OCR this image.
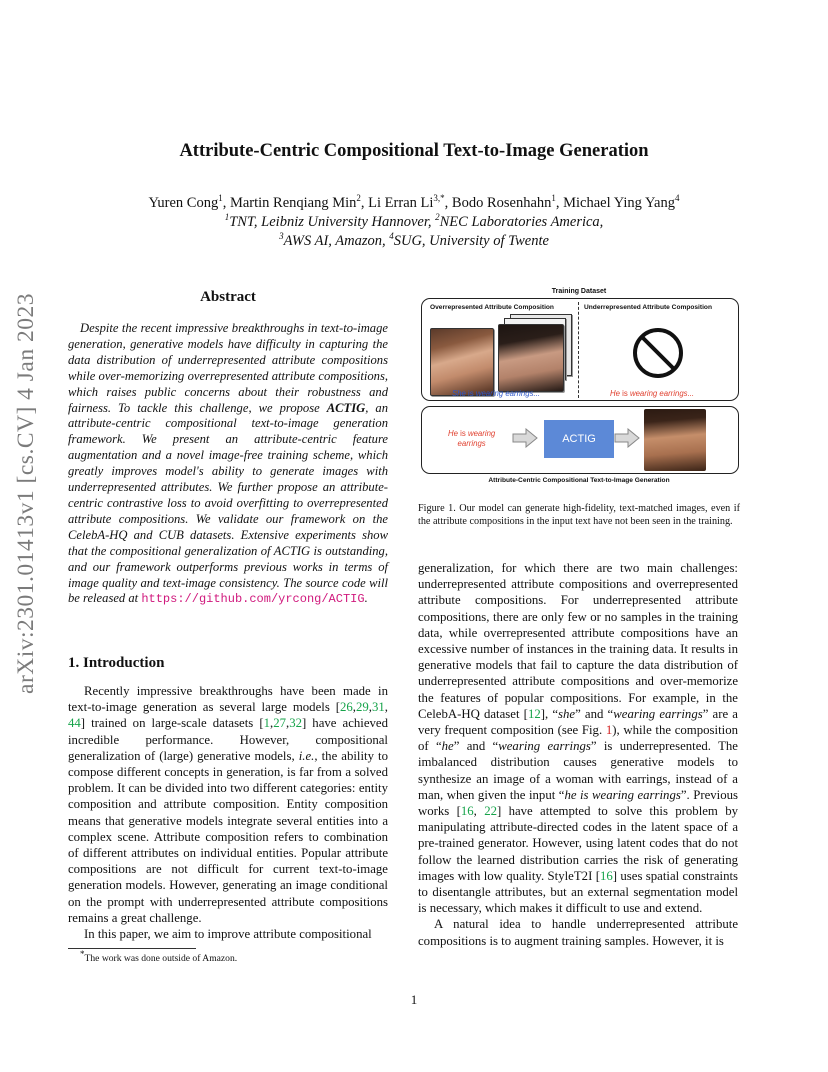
arXiv:2301.01413v1 [cs.CV] 4 Jan 2023
Attribute-Centric Compositional Text-to-Image Generation
Yuren Cong$^1$, Martin Renqiang Min$^2$, Li Erran $Li^{3,*}$, Bodo Rosenhahn$^1$, Michael Ying Yang$^4$
$^1$TNT, Leibniz University Hannover, $^2$NEC Laboratories America,
$^3$AWS AI, Amazon, $^4$SUG, University of Twente
Abstract
Despite the recent impressive breakthroughs in text-to-image generation, generative models have difficulty in capturing the data distribution of underrepresented attribute compositions while over-memorizing overrepresented attribute compositions, which raises public concerns about their robustness and fairness. To tackle this challenge, we propose ACTIG, an attribute-centric compositional text-to-image generation framework. We present an attribute-centric feature augmentation and a novel image-free training scheme, which greatly improves model's ability to generate images with underrepresented attributes. We further propose an attribute-centric contrastive loss to avoid overfitting to overrepresented attribute compositions. We validate our framework on the CelebA-HQ and CUB datasets. Extensive experiments show that the compositional generalization of ACTIG is outstanding, and our framework outperforms previous works in terms of image quality and text-image consistency. The source code will be released at https://github.com/yrcong/ACTIG.
1. Introduction

Recently impressive breakthroughs have been made in text-to-image generation as several large models [26,29,31, 44] trained on large-scale datasets [1,27,32] have achieved incredible performance. However, compositional generalization of (large) generative models, i.e., the ability to compose different concepts in generation, is far from a solved problem. It can be divided into two different categories: entity composition and attribute composition. Entity composition means that generative models integrate several entities into a complex scene. Attribute composition refers to combination of different attributes on individual entities. Popular attribute compositions are not difficult for current text-to-image generation models. However, generating an image conditional on the prompt with underrepresented attribute compositions remains a great challenge.

In this paper, we aim to improve attribute compositional

Training Dataset
Overrepresented Attribute Composition	Underrepresented Attribute Composition
She is wearing earrings...	He is wearing earrings...
He is wearing
earrings	ACTIG
Attribute-Centric Compositional Text-to-Image Generation
Figure 1. Our model can generate high-fidelity, text-matched images, even if the attribute compositions in the input text have not been seen in the training.

generalization, for which there are two main challenges: underrepresented attribute compositions and overrepresented attribute compositions. For underrepresented attribute compositions, there are only few or no samples in the training data, while overrepresented attribute compositions have an excessive number of instances in the training data. It results in generative models that fail to capture the data distribution of underrepresented attribute compositions and over-memorize the features of popular compositions. For example, in the CelebA-HQ dataset [12], “she” and “wearing earrings” are a very frequent composition (see Fig. 1), while the composition of “he” and “wearing earrings” is underrepresented. The imbalanced distribution causes generative models to synthesize an image of a woman with earrings, instead of a man, when given the input “he is wearing earrings”. Previous works [16, 22] have attempted to solve this problem by manipulating attribute-directed codes in the latent space of a pre-trained generator. However, using latent codes that do not follow the learned distribution carries the risk of generating images with low quality. StyleT2I [16] uses spatial constraints to disentangle attributes, but an external segmentation model is necessary, which makes it difficult to use and extend.

A natural idea to handle underrepresented attribute compositions is to augment training samples. However, it is

*The work was done outside of Amazon.
1
